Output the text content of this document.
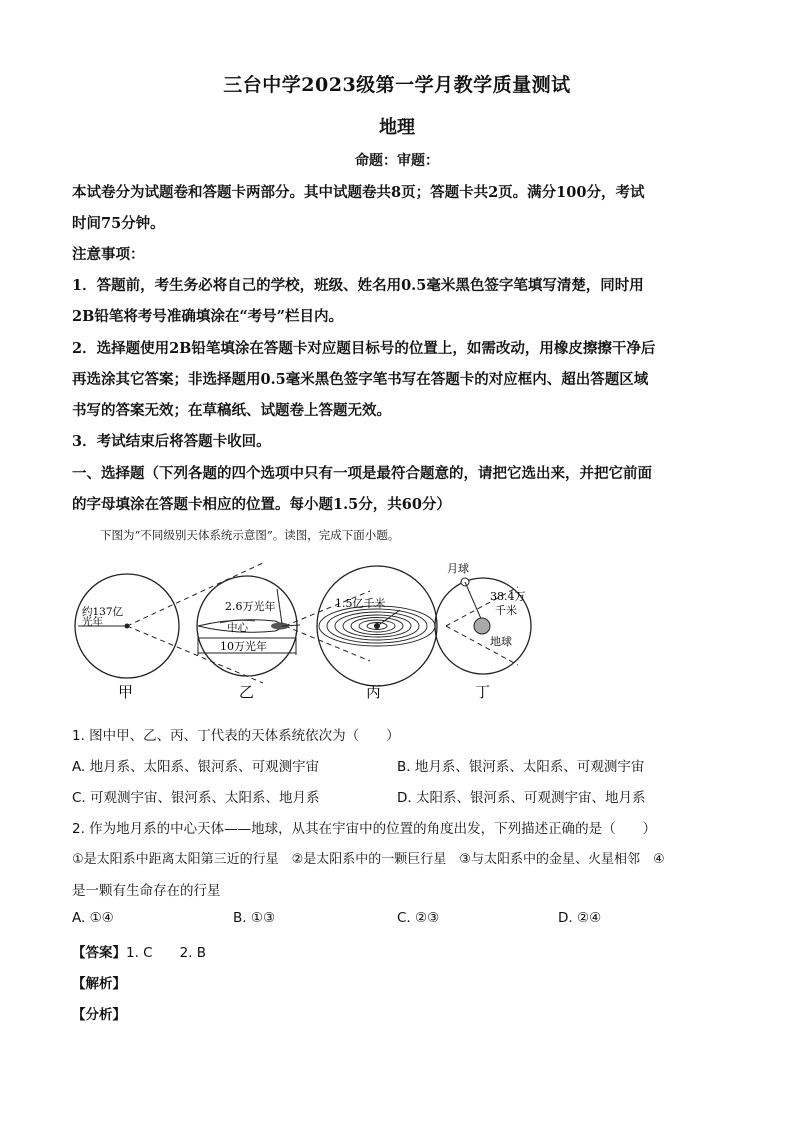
三台中学2023级第一学月教学质量测试
地理
命题：审题：
本试卷分为试题卷和答题卡两部分。其中试题卷共8页；答题卡共2页。满分100分，考试
时间75分钟。
注意事项：
1．答题前，考生务必将自己的学校，班级、姓名用0.5毫米黑色签字笔填写清楚，同时用
2B铅笔将考号准确填涂在“考号”栏目内。
2．选择题使用2B铅笔填涂在答题卡对应题目标号的位置上，如需改动，用橡皮擦擦干净后
再选涂其它答案；非选择题用0.5毫米黑色签字笔书写在答题卡的对应框内、超出答题区域
书写的答案无效；在草稿纸、试题卷上答题无效。
3．考试结束后将答题卡收回。
一、选择题（下列各题的四个选项中只有一项是最符合题意的，请把它选出来，并把它前面
的字母填涂在答题卡相应的位置。每小题1.5分，共60分）
下图为“不同级别天体系统示意图”。读图，完成下面小题。
约137亿
光年
2.6万光年
中心
10万光年
1.5亿千米
月球
38.4万
千米
地球
甲	乙	丙	丁
1. 图中甲、乙、丙、丁代表的天体系统依次为（　　）
A. 地月系、太阳系、银河系、可观测宇宙	B. 地月系、银河系、太阳系、可观测宇宙
C. 可观测宇宙、银河系、太阳系、地月系	D. 太阳系、银河系、可观测宇宙、地月系
2. 作为地月系的中心天体——地球，从其在宇宙中的位置的角度出发，下列描述正确的是（　　）
①是太阳系中距离太阳第三近的行星　②是太阳系中的一颗巨行星　③与太阳系中的金星、火星相邻　④
是一颗有生命存在的行星
A. ①④	B. ①③	C. ②③	D. ②④
【答案】1. C　　2. B
【解析】
【分析】
